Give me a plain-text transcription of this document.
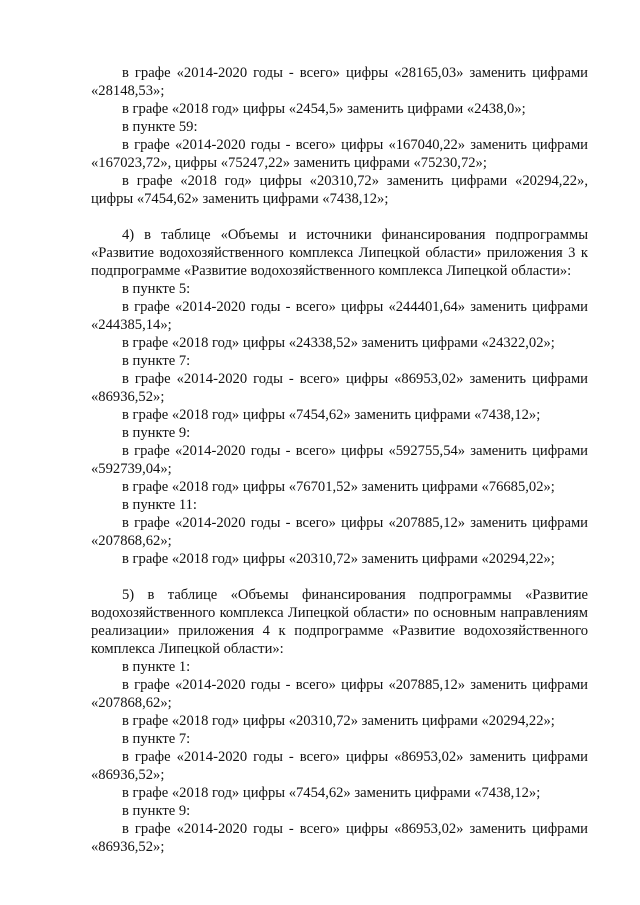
в графе «2014-2020 годы - всего» цифры «28165,03» заменить цифрами «28148,53»;

в графе «2018 год» цифры «2454,5» заменить цифрами «2438,0»;

в пункте 59:

в графе «2014-2020 годы - всего» цифры «167040,22» заменить цифрами «167023,72», цифры «75247,22» заменить цифрами «75230,72»;

в графе «2018 год» цифры «20310,72» заменить цифрами «20294,22», цифры «7454,62» заменить цифрами «7438,12»;

4) в таблице «Объемы и источники финансирования подпрограммы «Развитие водохозяйственного комплекса Липецкой области» приложения 3 к подпрограмме «Развитие водохозяйственного комплекса Липецкой области»:

в пункте 5:

в графе «2014-2020 годы - всего» цифры «244401,64» заменить цифрами «244385,14»;

в графе «2018 год» цифры «24338,52» заменить цифрами «24322,02»;

в пункте 7:

в графе «2014-2020 годы - всего» цифры «86953,02» заменить цифрами «86936,52»;

в графе «2018 год» цифры «7454,62» заменить цифрами «7438,12»;

в пункте 9:

в графе «2014-2020 годы - всего» цифры «592755,54» заменить цифрами «592739,04»;

в графе «2018 год» цифры «76701,52» заменить цифрами «76685,02»;

в пункте 11:

в графе «2014-2020 годы - всего» цифры «207885,12» заменить цифрами «207868,62»;

в графе «2018 год» цифры «20310,72» заменить цифрами «20294,22»;

5) в таблице «Объемы финансирования подпрограммы «Развитие водохозяйственного комплекса Липецкой области» по основным направлениям реализации» приложения 4 к подпрограмме «Развитие водохозяйственного комплекса Липецкой области»:

в пункте 1:

в графе «2014-2020 годы - всего» цифры «207885,12» заменить цифрами «207868,62»;

в графе «2018 год» цифры «20310,72» заменить цифрами «20294,22»;

в пункте 7:

в графе «2014-2020 годы - всего» цифры «86953,02» заменить цифрами «86936,52»;

в графе «2018 год» цифры «7454,62» заменить цифрами «7438,12»;

в пункте 9:

в графе «2014-2020 годы - всего» цифры «86953,02» заменить цифрами «86936,52»;
